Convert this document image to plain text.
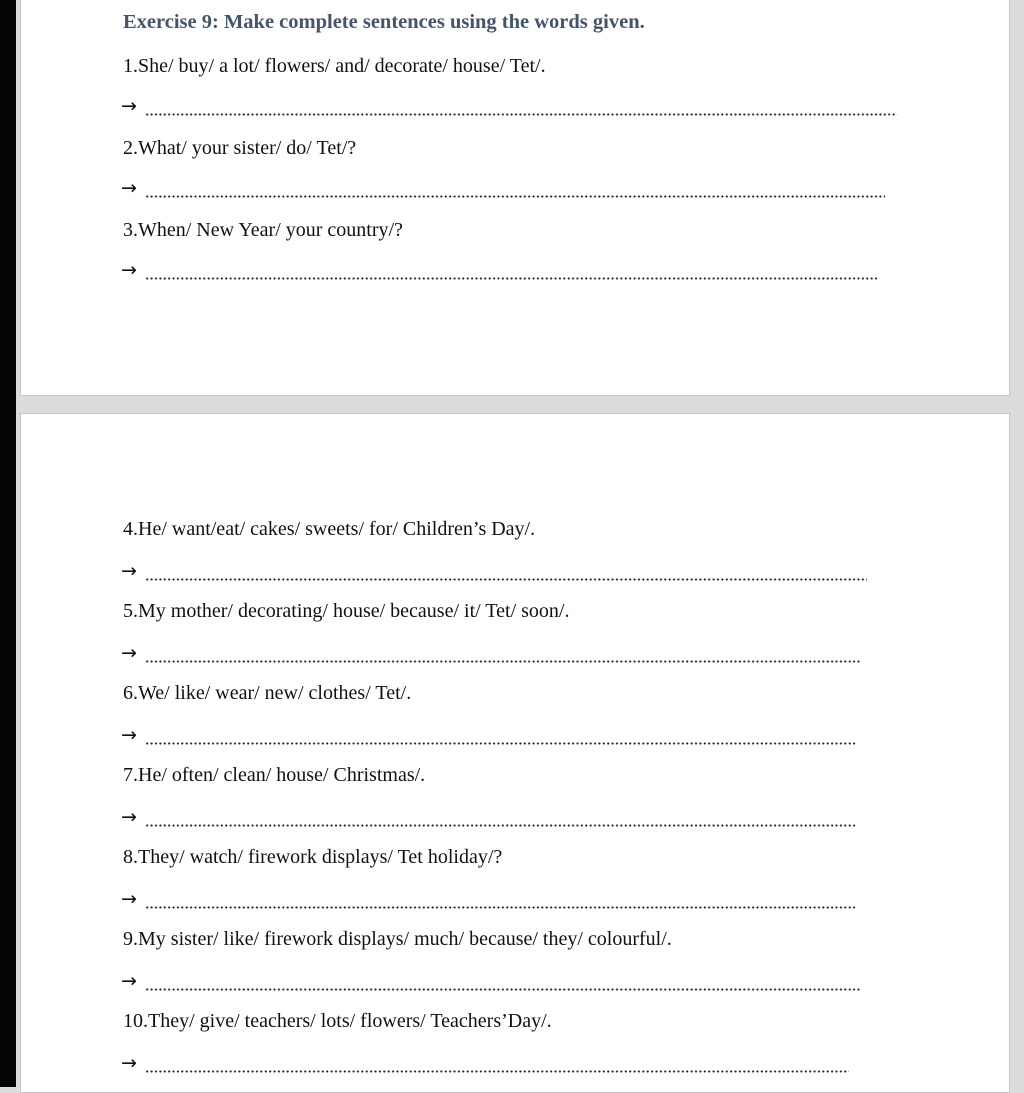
Exercise 9: Make complete sentences using the words given.
1.She/ buy/ a lot/ flowers/ and/ decorate/ house/ Tet/.
→
2.What/ your sister/ do/ Tet/?
→
3.When/ New Year/ your country/?
→
4.He/ want/eat/ cakes/ sweets/ for/ Children’s Day/.
→
5.My mother/ decorating/ house/ because/ it/ Tet/ soon/.
→
6.We/ like/ wear/ new/ clothes/ Tet/.
→
7.He/ often/ clean/ house/ Christmas/.
→
8.They/ watch/ firework displays/ Tet holiday/?
→
9.My sister/ like/ firework displays/ much/ because/ they/ colourful/.
→
10.They/ give/ teachers/ lots/ flowers/ Teachers’Day/.
→
